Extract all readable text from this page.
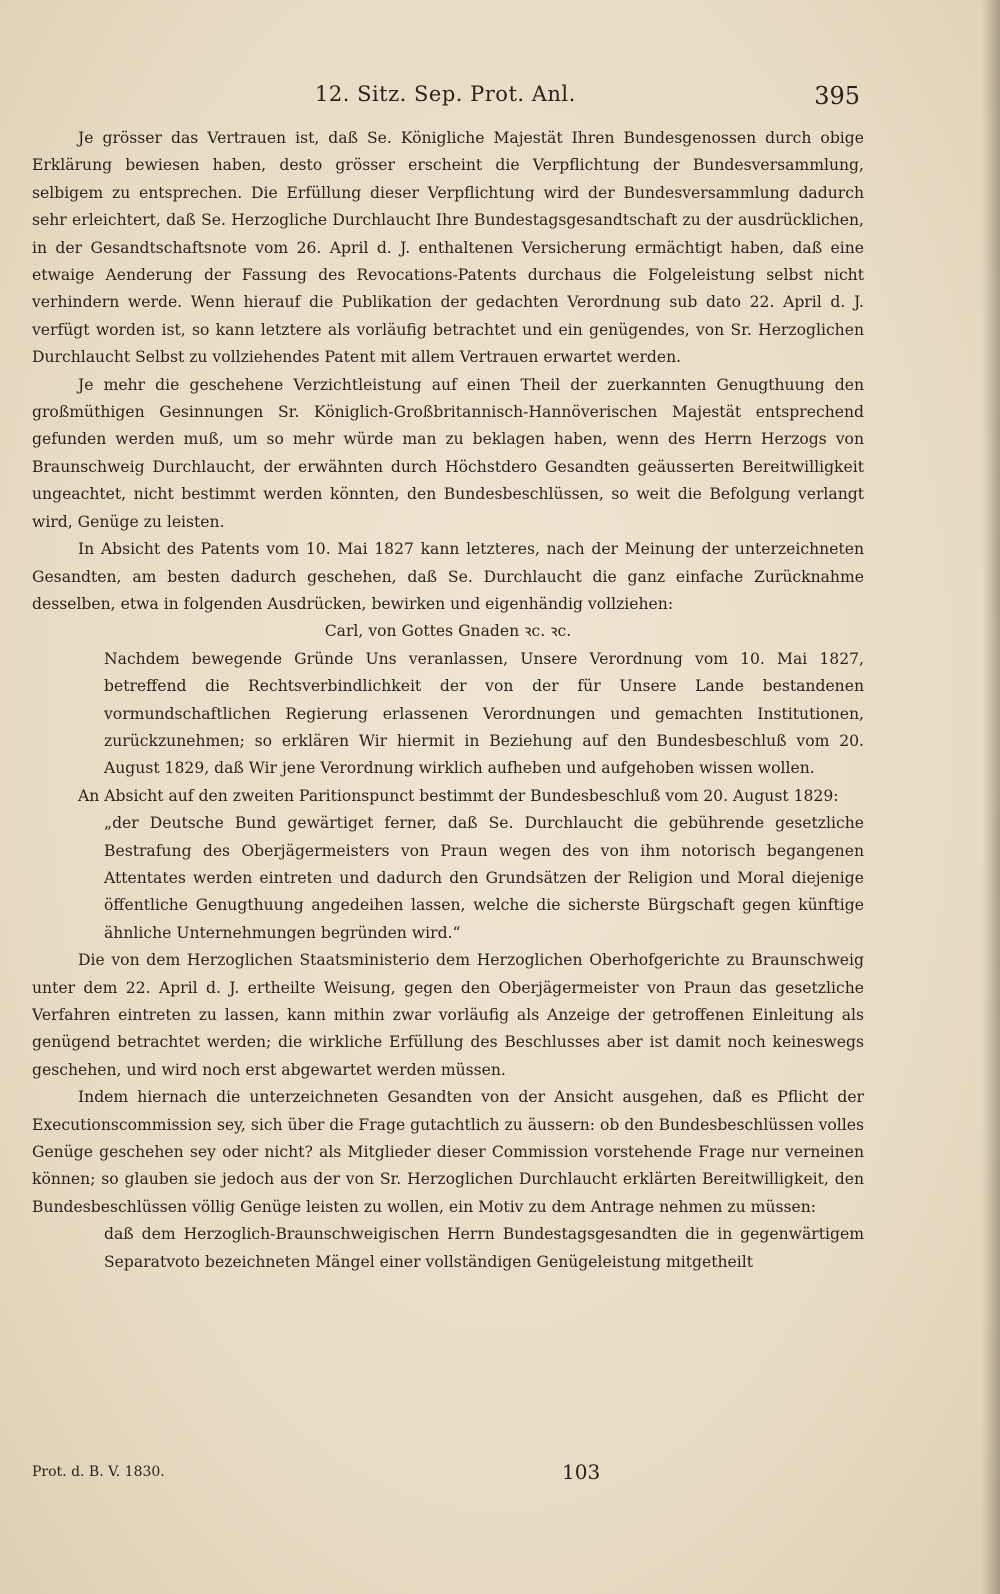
12. Sitz. Sep. Prot. Anl.	395

Je grösser das Vertrauen ist, daß Se. Königliche Majestät Ihren Bundesgenossen durch obige Erklärung bewiesen haben, desto grösser erscheint die Verpflichtung der Bundesversammlung, selbigem zu entsprechen. Die Erfüllung dieser Verpflichtung wird der Bundesversammlung dadurch sehr erleichtert, daß Se. Herzogliche Durchlaucht Ihre Bundestagsgesandtschaft zu der ausdrücklichen, in der Gesandtschaftsnote vom 26. April d. J. enthaltenen Versicherung ermächtigt haben, daß eine etwaige Aenderung der Fassung des Revocations-Patents durchaus die Folgeleistung selbst nicht verhindern werde. Wenn hierauf die Publikation der gedachten Verordnung sub dato 22. April d. J. verfügt worden ist, so kann letztere als vorläufig betrachtet und ein genügendes, von Sr. Herzoglichen Durchlaucht Selbst zu vollziehendes Patent mit allem Vertrauen erwartet werden.

Je mehr die geschehene Verzichtleistung auf einen Theil der zuerkannten Genugthuung den großmüthigen Gesinnungen Sr. Königlich-Großbritannisch-Hannöverischen Majestät entsprechend gefunden werden muß, um so mehr würde man zu beklagen haben, wenn des Herrn Herzogs von Braunschweig Durchlaucht, der erwähnten durch Höchstdero Gesandten geäusserten Bereitwilligkeit ungeachtet, nicht bestimmt werden könnten, den Bundesbeschlüssen, so weit die Befolgung verlangt wird, Genüge zu leisten.

In Absicht des Patents vom 10. Mai 1827 kann letzteres, nach der Meinung der unterzeichneten Gesandten, am besten dadurch geschehen, daß Se. Durchlaucht die ganz einfache Zurücknahme desselben, etwa in folgenden Ausdrücken, bewirken und eigenhändig vollziehen:

Carl, von Gottes Gnaden ꝛc. ꝛc.

Nachdem bewegende Gründe Uns veranlassen, Unsere Verordnung vom 10. Mai 1827, betreffend die Rechtsverbindlichkeit der von der für Unsere Lande bestandenen vormundschaftlichen Regierung erlassenen Verordnungen und gemachten Institutionen, zurückzunehmen; so erklären Wir hiermit in Beziehung auf den Bundesbeschluß vom 20. August 1829, daß Wir jene Verordnung wirklich aufheben und aufgehoben wissen wollen.

An Absicht auf den zweiten Paritionspunct bestimmt der Bundesbeschluß vom 20. August 1829:

„der Deutsche Bund gewärtiget ferner, daß Se. Durchlaucht die gebührende gesetzliche Bestrafung des Oberjägermeisters von Praun wegen des von ihm notorisch begangenen Attentates werden eintreten und dadurch den Grundsätzen der Religion und Moral diejenige öffentliche Genugthuung angedeihen lassen, welche die sicherste Bürgschaft gegen künftige ähnliche Unternehmungen begründen wird.“

Die von dem Herzoglichen Staatsministerio dem Herzoglichen Oberhofgerichte zu Braunschweig unter dem 22. April d. J. ertheilte Weisung, gegen den Oberjägermeister von Praun das gesetzliche Verfahren eintreten zu lassen, kann mithin zwar vorläufig als Anzeige der getroffenen Einleitung als genügend betrachtet werden; die wirkliche Erfüllung des Beschlusses aber ist damit noch keineswegs geschehen, und wird noch erst abgewartet werden müssen.

Indem hiernach die unterzeichneten Gesandten von der Ansicht ausgehen, daß es Pflicht der Executionscommission sey, sich über die Frage gutachtlich zu äussern: ob den Bundesbeschlüssen volles Genüge geschehen sey oder nicht? als Mitglieder dieser Commission vorstehende Frage nur verneinen können; so glauben sie jedoch aus der von Sr. Herzoglichen Durchlaucht erklärten Bereitwilligkeit, den Bundesbeschlüssen völlig Genüge leisten zu wollen, ein Motiv zu dem Antrage nehmen zu müssen:

daß dem Herzoglich-Braunschweigischen Herrn Bundestagsgesandten die in gegenwärtigem Separatvoto bezeichneten Mängel einer vollständigen Genügeleistung mitgetheilt

Prot. d. B. V. 1830.	103
